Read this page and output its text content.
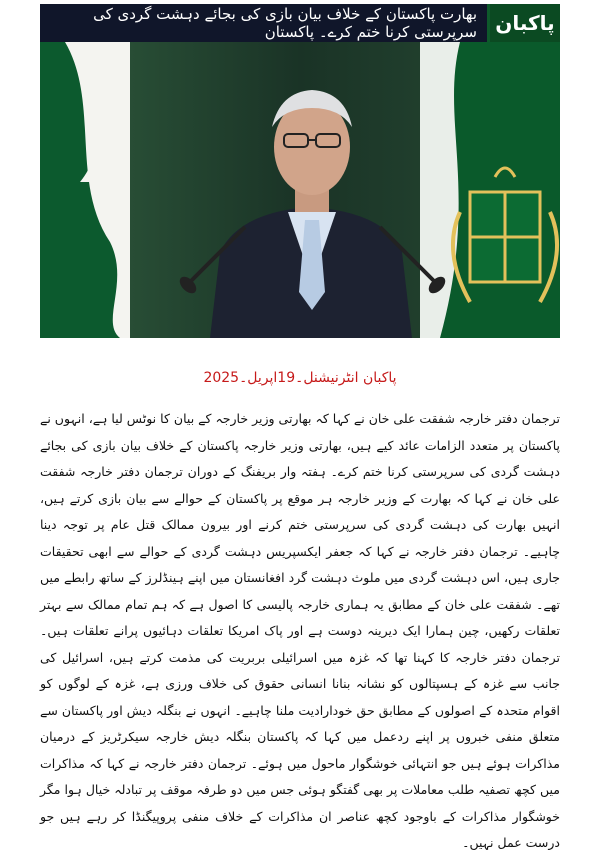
پاکبان
بھارت پاکستان کے خلاف بیان بازی کی بجائے دہشت گردی کی سرپرستی کرنا ختم کرے۔ پاکستان
پاکبان انٹرنیشنل۔19اپریل۔2025
ترجمان دفتر خارجہ شفقت علی خان نے کہا کہ بھارتی وزیر خارجہ کے بیان کا نوٹس لیا ہے، انہوں نے پاکستان پر متعدد الزامات عائد کیے ہیں، بھارتی وزیر خارجہ پاکستان کے خلاف بیان بازی کی بجائے دہشت گردی کی سرپرستی کرنا ختم کرے۔ ہفتہ وار بریفنگ کے دوران ترجمان دفتر خارجہ شفقت علی خان نے کہا کہ بھارت کے وزیر خارجہ ہر موقع پر پاکستان کے حوالے سے بیان بازی کرتے ہیں، انہیں بھارت کی دہشت گردی کی سرپرستی ختم کرنے اور بیرون ممالک قتل عام پر توجہ دینا چاہیے۔ ترجمان دفتر خارجہ نے کہا کہ جعفر ایکسپریس دہشت گردی کے حوالے سے ابھی تحقیقات جاری ہیں، اس دہشت گردی میں ملوث دہشت گرد افغانستان میں اپنے ہینڈلرز کے ساتھ رابطے میں تھے۔ شفقت علی خان کے مطابق یہ ہماری خارجہ پالیسی کا اصول ہے کہ ہم تمام ممالک سے بہتر تعلقات رکھیں، چین ہمارا ایک دیرینہ دوست ہے اور پاک امریکا تعلقات دہائیوں پرانے تعلقات ہیں۔ ترجمان دفتر خارجہ کا کہنا تھا کہ غزہ میں اسرائیلی بربریت کی مذمت کرتے ہیں، اسرائیل کی جانب سے غزہ کے ہسپتالوں کو نشانہ بنانا انسانی حقوق کی خلاف ورزی ہے، غزہ کے لوگوں کو اقوام متحدہ کے اصولوں کے مطابق حق خودارادیت ملنا چاہیے۔ انہوں نے بنگلہ دیش اور پاکستان سے متعلق منفی خبروں پر اپنے ردعمل میں کہا کہ پاکستان بنگلہ دیش خارجہ سیکرٹریز کے درمیان مذاکرات ہوئے ہیں جو انتہائی خوشگوار ماحول میں ہوئے۔ ترجمان دفتر خارجہ نے کہا کہ مذاکرات میں کچھ تصفیہ طلب معاملات پر بھی گفتگو ہوئی جس میں دو طرفہ موقف پر تبادلہ خیال ہوا مگر خوشگوار مذاکرات کے باوجود کچھ عناصر ان مذاکرات کے خلاف منفی پروپیگنڈا کر رہے ہیں جو درست عمل نہیں۔
